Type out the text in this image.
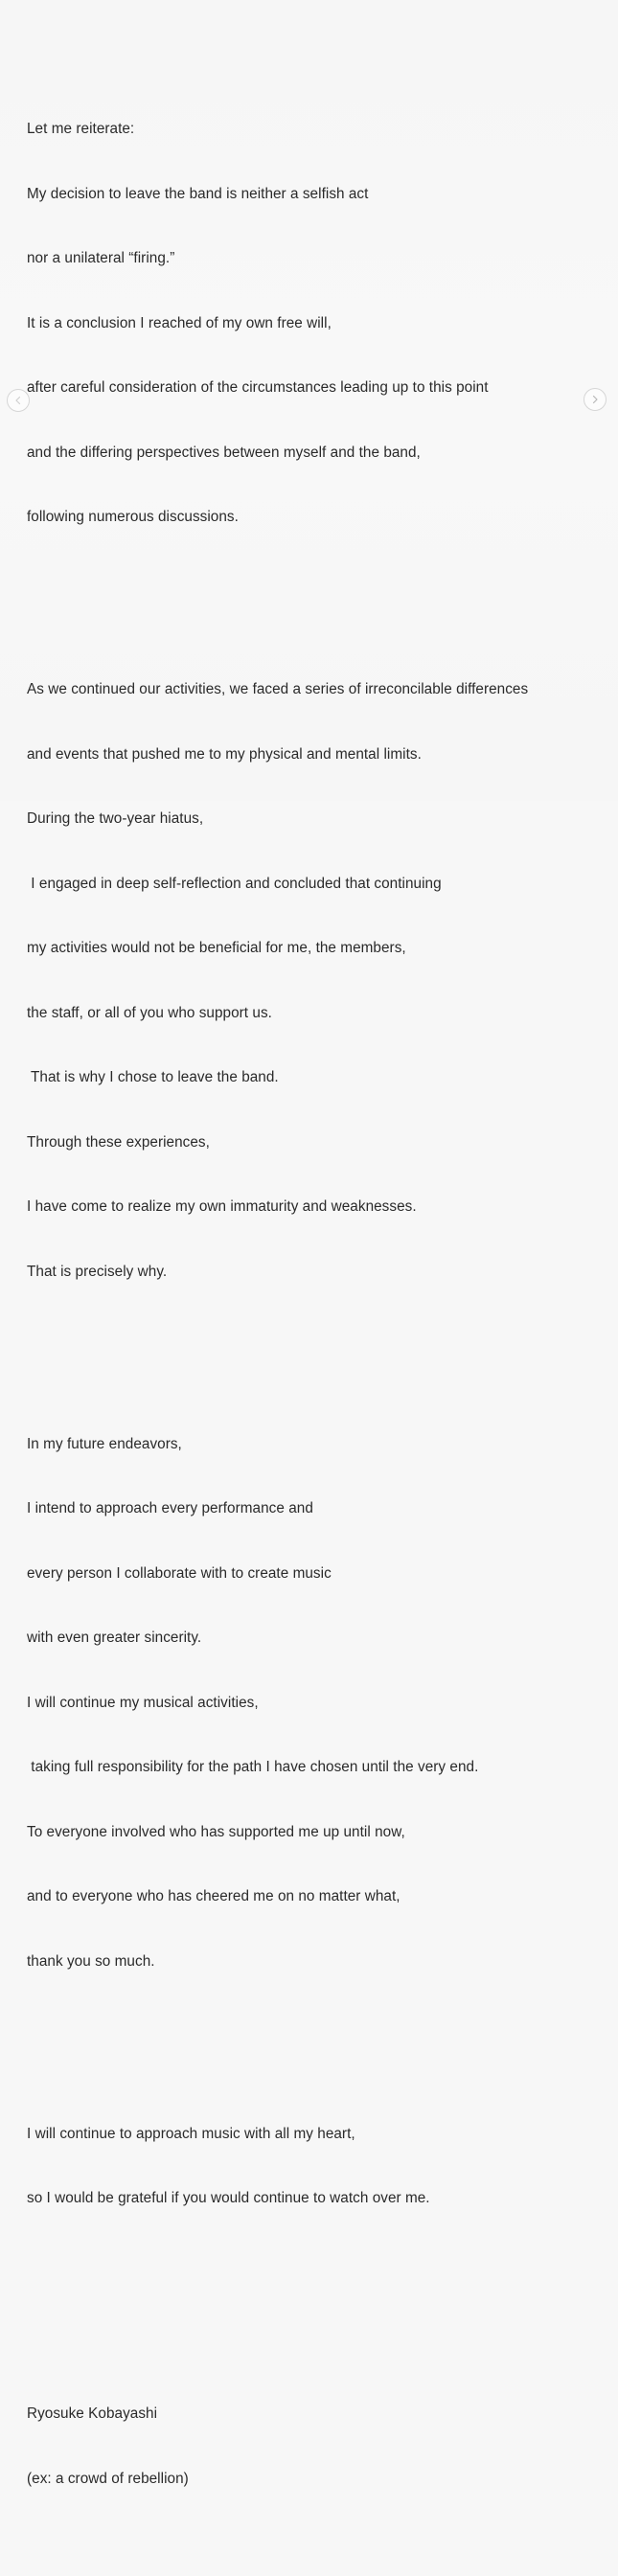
Let me reiterate:

My decision to leave the band is neither a selfish act

nor a unilateral “firing.”

It is a conclusion I reached of my own free will,

after careful consideration of the circumstances leading up to this point

and the differing perspectives between myself and the band,

following numerous discussions.

As we continued our activities, we faced a series of irreconcilable differences

and events that pushed me to my physical and mental limits.

During the two-year hiatus,

I engaged in deep self-reflection and concluded that continuing

my activities would not be beneficial for me, the members,

the staff, or all of you who support us.

That is why I chose to leave the band.

Through these experiences,

I have come to realize my own immaturity and weaknesses.

That is precisely why.

In my future endeavors,

I intend to approach every performance and

every person I collaborate with to create music

with even greater sincerity.

I will continue my musical activities,

taking full responsibility for the path I have chosen until the very end.

To everyone involved who has supported me up until now,

and to everyone who has cheered me on no matter what,

thank you so much.

I will continue to approach music with all my heart,

so I would be grateful if you would continue to watch over me.

Ryosuke Kobayashi

(ex: a crowd of rebellion)
